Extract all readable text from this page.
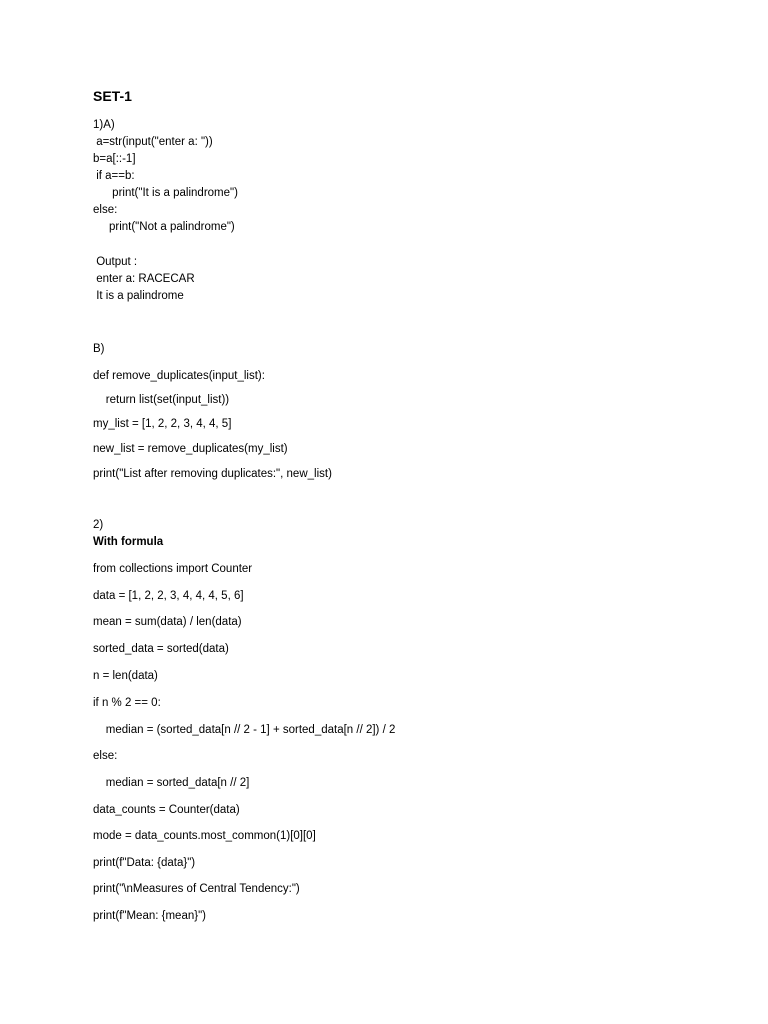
SET-1
1)A)
a=str(input("enter a: "))
b=a[::-1]
if a==b:
print("It is a palindrome")
else:
print("Not a palindrome")
Output :
enter a: RACECAR
It is a palindrome
B)
def remove_duplicates(input_list):
return list(set(input_list))
my_list = [1, 2, 2, 3, 4, 4, 5]
new_list = remove_duplicates(my_list)
print("List after removing duplicates:", new_list)
2)
With formula
from collections import Counter
data = [1, 2, 2, 3, 4, 4, 4, 5, 6]
mean = sum(data) / len(data)
sorted_data = sorted(data)
n = len(data)
if n % 2 == 0:
median = (sorted_data[n // 2 - 1] + sorted_data[n // 2]) / 2
else:
median = sorted_data[n // 2]
data_counts = Counter(data)
mode = data_counts.most_common(1)[0][0]
print(f"Data: {data}")
print("\nMeasures of Central Tendency:")
print(f"Mean: {mean}")
